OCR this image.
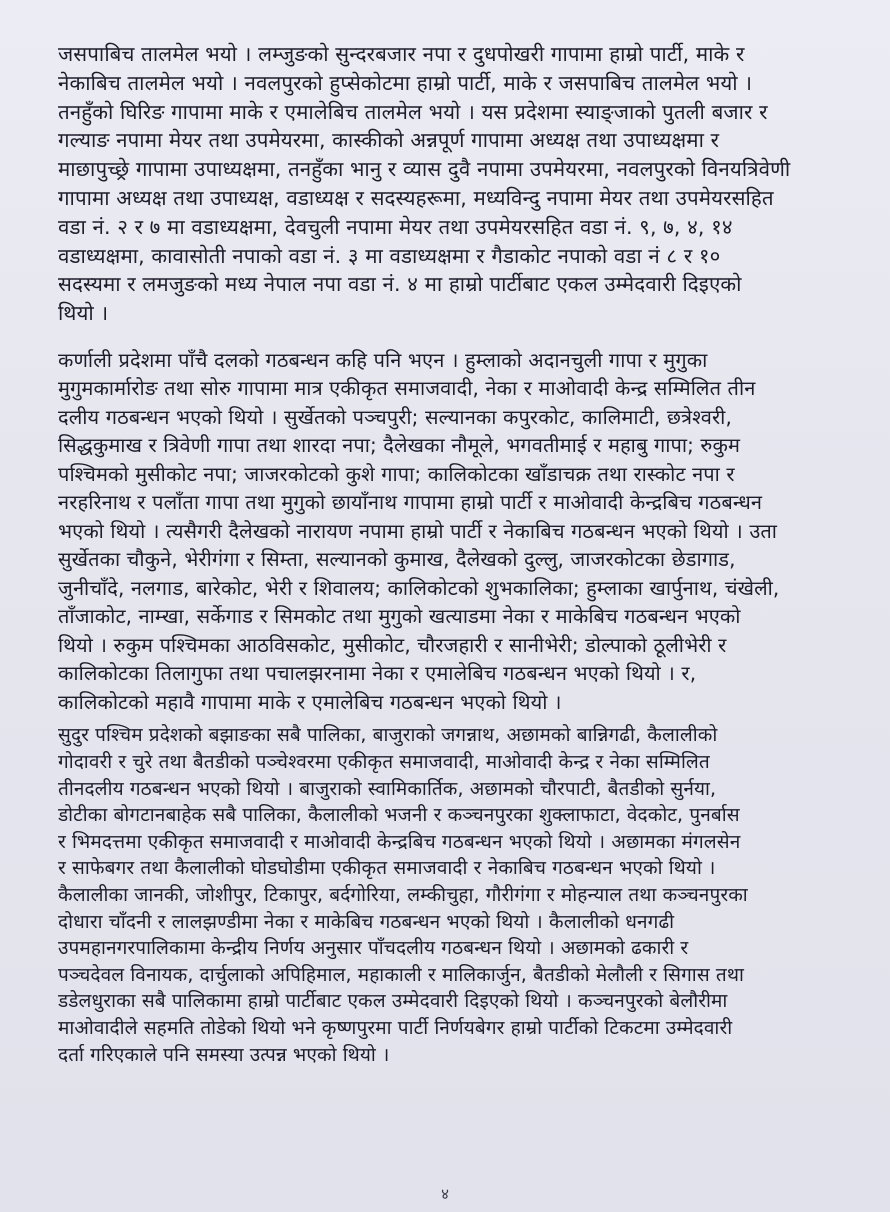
जसपाबिच तालमेल भयो । लम्जुङको सुन्दरबजार नपा र दुधपोखरी गापामा हाम्रो पार्टी, माके र
नेकाबिच तालमेल भयो । नवलपुरको हुप्सेकोटमा हाम्रो पार्टी, माके र जसपाबिच तालमेल भयो ।
तनहुँको घिरिङ गापामा माके र एमालेबिच तालमेल भयो । यस प्रदेशमा स्याङ्जाको पुतली बजार र
गल्याङ नपामा मेयर तथा उपमेयरमा, कास्कीको अन्नपूर्ण गापामा अध्यक्ष तथा उपाध्यक्षमा र
माछापुच्छ्रे गापामा उपाध्यक्षमा, तनहुँका भानु र व्यास दुवै नपामा उपमेयरमा, नवलपुरको विनयत्रिवेणी
गापामा अध्यक्ष तथा उपाध्यक्ष, वडाध्यक्ष र सदस्यहरूमा, मध्यविन्दु नपामा मेयर तथा उपमेयरसहित
वडा नं. २ र ७ मा वडाध्यक्षमा, देवचुली नपामा मेयर तथा उपमेयरसहित वडा नं. ९, ७, ४, १४
वडाध्यक्षमा, कावासोती नपाको वडा नं. ३ मा वडाध्यक्षमा र गैडाकोट नपाको वडा नं ८ र १०
सदस्यमा र लमजुङको मध्य नेपाल नपा वडा नं. ४ मा हाम्रो पार्टीबाट एकल उम्मेदवारी दिइएको
थियो ।
कर्णाली प्रदेशमा पाँचै दलको गठबन्धन कहि पनि भएन । हुम्लाको अदानचुली गापा र मुगुका
मुगुमकार्मारोङ तथा सोरु गापामा मात्र एकीकृत समाजवादी, नेका र माओवादी केन्द्र सम्मिलित तीन
दलीय गठबन्धन भएको थियो । सुर्खेतको पञ्चपुरी; सल्यानका कपुरकोट, कालिमाटी, छत्रेश्वरी,
सिद्धकुमाख र त्रिवेणी गापा तथा शारदा नपा; दैलेखका नौमूले, भगवतीमाई र महाबु गापा; रुकुम
पश्चिमको मुसीकोट नपा; जाजरकोटको कुशे गापा; कालिकोटका खाँडाचक्र तथा रास्कोट नपा र
नरहरिनाथ र पलाँता गापा तथा मुगुको छायाँनाथ गापामा हाम्रो पार्टी र माओवादी केन्द्रबिच गठबन्धन
भएको थियो । त्यसैगरी दैलेखको नारायण नपामा हाम्रो पार्टी र नेकाबिच गठबन्धन भएको थियो । उता
सुर्खेतका चौकुने, भेरीगंगा र सिम्ता, सल्यानको कुमाख, दैलेखको दुल्लु, जाजरकोटका छेडागाड,
जुनीचाँदे, नलगाड, बारेकोट, भेरी र शिवालय; कालिकोटको शुभकालिका; हुम्लाका खार्पुनाथ, चंखेली,
ताँजाकोट, नाम्खा, सर्केगाड र सिमकोट तथा मुगुको खत्याडमा नेका र माकेबिच गठबन्धन भएको
थियो । रुकुम पश्चिमका आठविसकोट, मुसीकोट, चौरजहारी र सानीभेरी; डोल्पाको ठूलीभेरी र
कालिकोटका तिलागुफा तथा पचालझरनामा नेका र एमालेबिच गठबन्धन भएको थियो । र,
कालिकोटको महावै गापामा माके र एमालेबिच गठबन्धन भएको थियो ।
सुदुर पश्चिम प्रदेशको बझाङका सबै पालिका, बाजुराको जगन्नाथ, अछामको बान्निगढी, कैलालीको
गोदावरी र चुरे तथा बैतडीको पञ्चेश्वरमा एकीकृत समाजवादी, माओवादी केन्द्र र नेका सम्मिलित
तीनदलीय गठबन्धन भएको थियो । बाजुराको स्वामिकार्तिक, अछामको चौरपाटी, बैतडीको सुर्नया,
डोटीका बोगटानबाहेक सबै पालिका, कैलालीको भजनी र कञ्चनपुरका शुक्लाफाटा, वेदकोट, पुनर्बास
र भिमदत्तमा एकीकृत समाजवादी र माओवादी केन्द्रबिच गठबन्धन भएको थियो । अछामका मंगलसेन
र साफेबगर तथा कैलालीको घोडघोडीमा एकीकृत समाजवादी र नेकाबिच गठबन्धन भएको थियो ।
कैलालीका जानकी, जोशीपुर, टिकापुर, बर्दगोरिया, लम्कीचुहा, गौरीगंगा र मोहन्याल तथा कञ्चनपुरका
दोधारा चाँदनी र लालझण्डीमा नेका र माकेबिच गठबन्धन भएको थियो । कैलालीको धनगढी
उपमहानगरपालिकामा केन्द्रीय निर्णय अनुसार पाँचदलीय गठबन्धन थियो । अछामको ढकारी र
पञ्चदेवल विनायक, दार्चुलाको अपिहिमाल, महाकाली र मालिकार्जुन, बैतडीको मेलौली र सिगास तथा
डडेलधुराका सबै पालिकामा हाम्रो पार्टीबाट एकल उम्मेदवारी दिइएको थियो । कञ्चनपुरको बेलौरीमा
माओवादीले सहमति तोडेको थियो भने कृष्णपुरमा पार्टी निर्णयबेगर हाम्रो पार्टीको टिकटमा उम्मेदवारी
दर्ता गरिएकाले पनि समस्या उत्पन्न भएको थियो ।
४
